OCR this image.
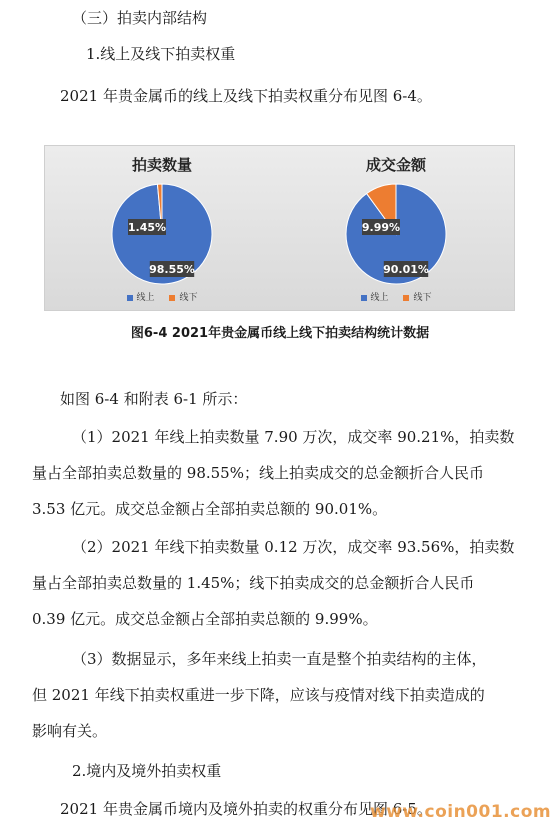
（三）拍卖内部结构
1.线上及线下拍卖权重
2021 年贵金属币的线上及线下拍卖权重分布见图 6-4。
拍卖数量
98.55%
1.45%
线上	线下
成交金额
90.01%
9.99%
线上	线下
图6-4 2021年贵金属币线上线下拍卖结构统计数据
如图 6-4 和附表 6-1 所示：
（1）2021 年线上拍卖数量 7.90 万次，成交率 90.21%，拍卖数
量占全部拍卖总数量的 98.55%；线上拍卖成交的总金额折合人民币
3.53 亿元。成交总金额占全部拍卖总额的 90.01%。
（2）2021 年线下拍卖数量 0.12 万次，成交率 93.56%，拍卖数
量占全部拍卖总数量的 1.45%；线下拍卖成交的总金额折合人民币
0.39 亿元。成交总金额占全部拍卖总额的 9.99%。
（3）数据显示，多年来线上拍卖一直是整个拍卖结构的主体，
但 2021 年线下拍卖权重进一步下降，应该与疫情对线下拍卖造成的
影响有关。
2.境内及境外拍卖权重
2021 年贵金属币境内及境外拍卖的权重分布见图 6-5。
www.coin001.com
